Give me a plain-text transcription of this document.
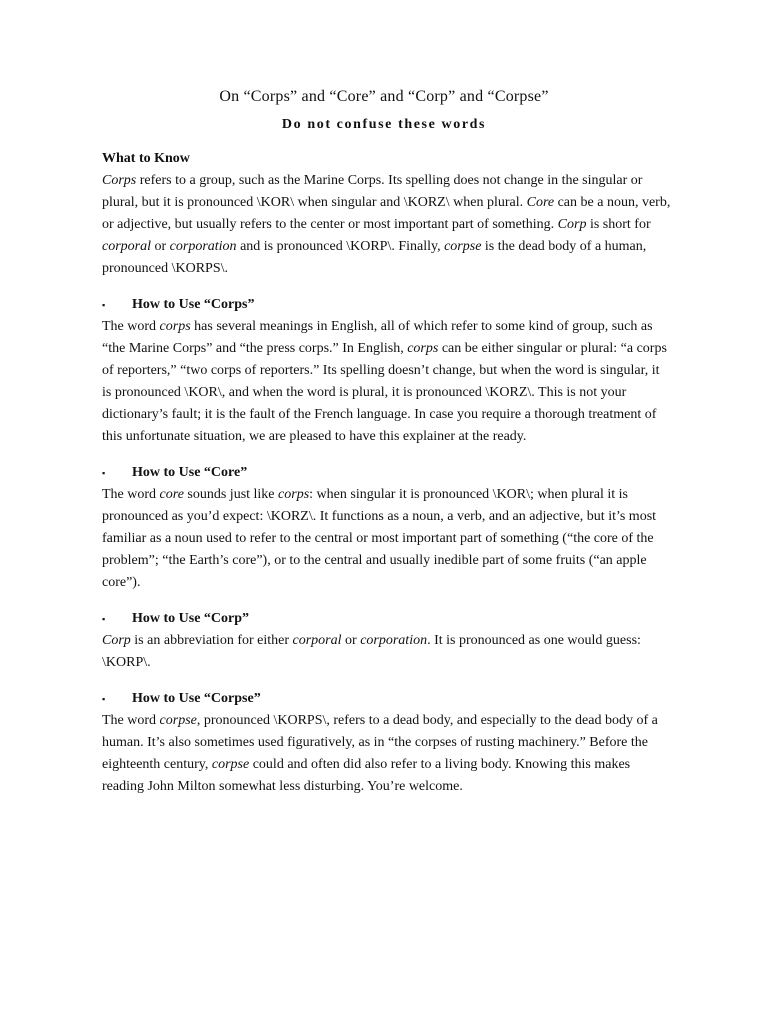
On “Corps” and “Core” and “Corp” and “Corpse”
Do not confuse these words
What to Know

Corps refers to a group, such as the Marine Corps. Its spelling does not change in the singular or plural, but it is pronounced \KOR\ when singular and \KORZ\ when plural. Core can be a noun, verb, or adjective, but usually refers to the center or most important part of something. Corp is short for corporal or corporation and is pronounced \KORP\. Finally, corpse is the dead body of a human, pronounced \KORPS\.

▪	How to Use “Corps”

The word corps has several meanings in English, all of which refer to some kind of group, such as “the Marine Corps” and “the press corps.” In English, corps can be either singular or plural: “a corps of reporters,” “two corps of reporters.” Its spelling doesn’t change, but when the word is singular, it is pronounced \KOR\, and when the word is plural, it is pronounced \KORZ\. This is not your dictionary’s fault; it is the fault of the French language. In case you require a thorough treatment of this unfortunate situation, we are pleased to have this explainer at the ready.

▪	How to Use “Core”

The word core sounds just like corps: when singular it is pronounced \KOR\; when plural it is pronounced as you’d expect: \KORZ\. It functions as a noun, a verb, and an adjective, but it’s most familiar as a noun used to refer to the central or most important part of something (“the core of the problem”; “the Earth’s core”), or to the central and usually inedible part of some fruits (“an apple core”).

▪	How to Use “Corp”

Corp is an abbreviation for either corporal or corporation. It is pronounced as one would guess: \KORP\.

▪	How to Use “Corpse”

The word corpse, pronounced \KORPS\, refers to a dead body, and especially to the dead body of a human. It’s also sometimes used figuratively, as in “the corpses of rusting machinery.” Before the eighteenth century, corpse could and often did also refer to a living body. Knowing this makes reading John Milton somewhat less disturbing. You’re welcome.
